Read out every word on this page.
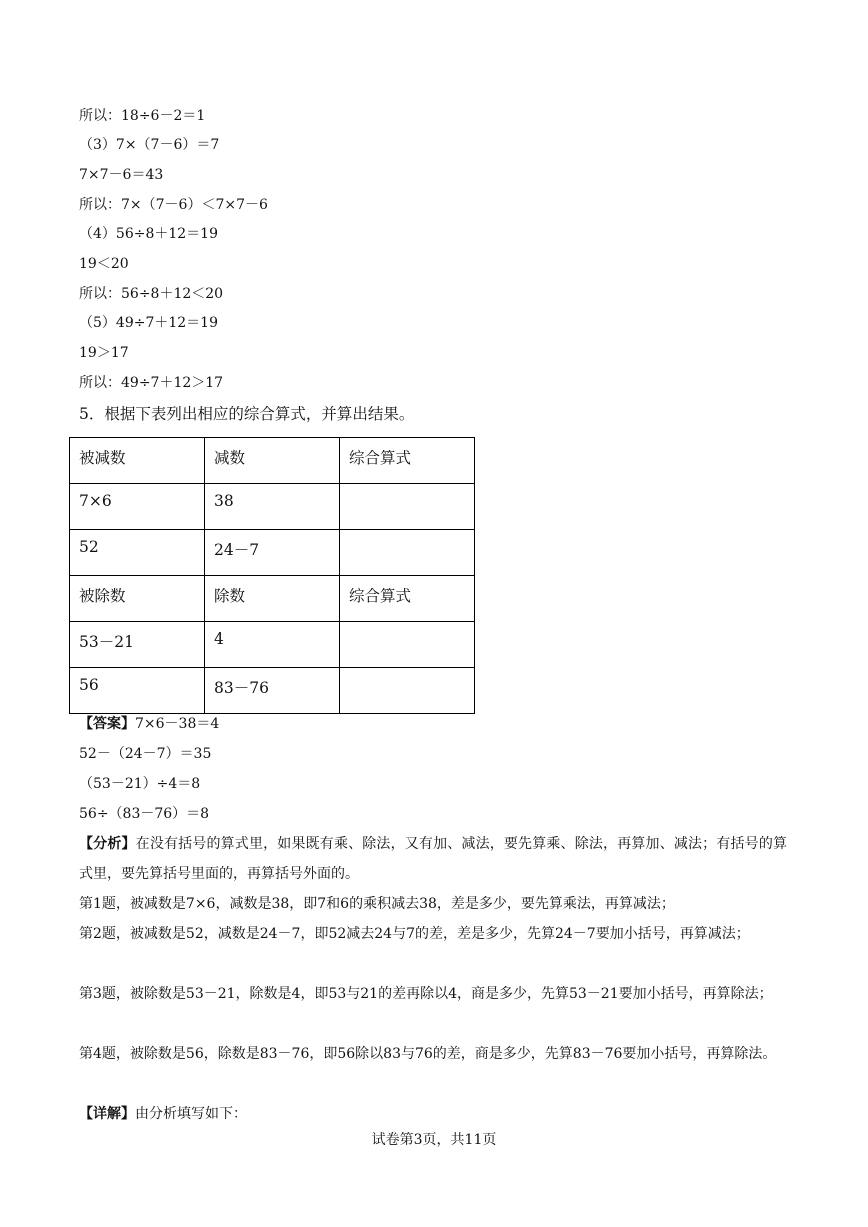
所以：18÷6－2＝1
（3）7×（7－6）＝7
7×7－6＝43
所以：7×（7－6）＜7×7－6
（4）56÷8＋12＝19
19＜20
所以：56÷8＋12＜20
（5）49÷7＋12＝19
19＞17
所以：49÷7＋12＞17
5．根据下表列出相应的综合算式，并算出结果。
被减数	减数	综合算式
7×6	38	
52	24－7	
被除数	除数	综合算式
53－21	4	
56	83－76	
【答案】7×6－38＝4
52－（24－7）＝35
（53－21）÷4＝8
56÷（83－76）＝8
【分析】在没有括号的算式里，如果既有乘、除法，又有加、减法，要先算乘、除法，再算加、减法；有括号的算式里，要先算括号里面的，再算括号外面的。
第1题，被减数是7×6，减数是38，即7和6的乘积减去38，差是多少，要先算乘法，再算减法；
第2题，被减数是52，减数是24－7，即52减去24与7的差，差是多少，先算24－7要加小括号，再算减法；
第3题，被除数是53－21，除数是4，即53与21的差再除以4，商是多少，先算53－21要加小括号，再算除法；
第4题，被除数是56，除数是83－76，即56除以83与76的差，商是多少，先算83－76要加小括号，再算除法。
【详解】由分析填写如下：
试卷第3页，共11页
